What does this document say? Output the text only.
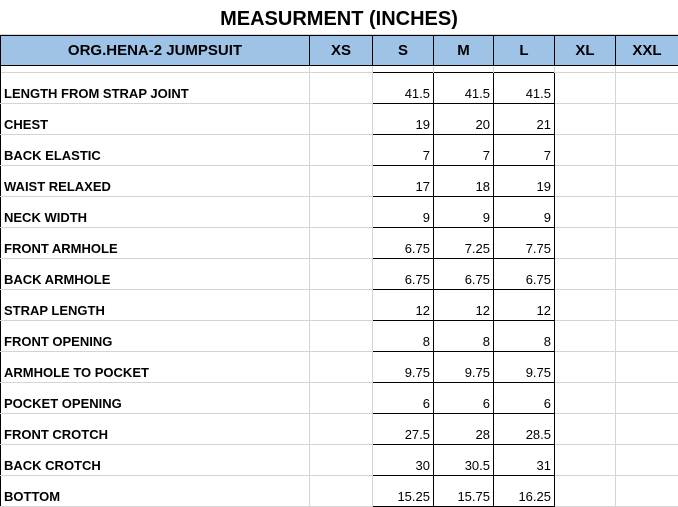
MEASURMENT (INCHES)
ORG.HENA-2 JUMPSUIT	XS	S	M	L	XL	XXL

LENGTH FROM STRAP JOINT		41.5	41.5	41.5		
CHEST		19	20	21		
BACK ELASTIC		7	7	7		
WAIST RELAXED		17	18	19		
NECK WIDTH		9	9	9		
FRONT ARMHOLE		6.75	7.25	7.75		
BACK ARMHOLE		6.75	6.75	6.75		
STRAP LENGTH		12	12	12		
FRONT OPENING		8	8	8		
ARMHOLE TO POCKET		9.75	9.75	9.75		
POCKET OPENING		6	6	6		
FRONT CROTCH		27.5	28	28.5		
BACK CROTCH		30	30.5	31		
BOTTOM		15.25	15.75	16.25		
